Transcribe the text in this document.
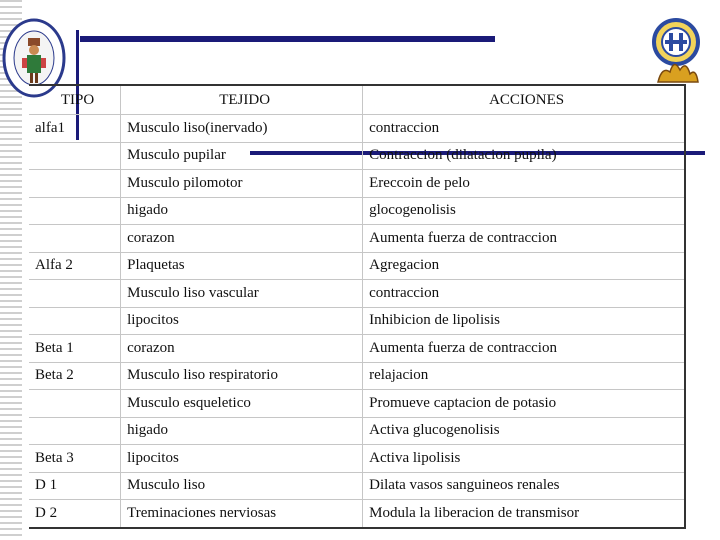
TIPO	TEJIDO	ACCIONES
alfa1	Musculo liso(inervado)	contraccion
	Musculo pupilar	Contraccion (dilatacion pupila)
	Musculo pilomotor	Ereccoin de pelo
	higado	glocogenolisis
	corazon	Aumenta fuerza de contraccion
Alfa 2	Plaquetas	Agregacion
	Musculo liso vascular	contraccion
	lipocitos	Inhibicion de lipolisis
Beta 1	corazon	Aumenta fuerza de contraccion
Beta 2	Musculo liso respiratorio	relajacion
	Musculo esqueletico	Promueve captacion de potasio
	higado	Activa glucogenolisis
Beta 3	lipocitos	Activa lipolisis
D 1	Musculo liso	Dilata vasos sanguineos renales
D 2	Treminaciones nerviosas	Modula la liberacion de transmisor
